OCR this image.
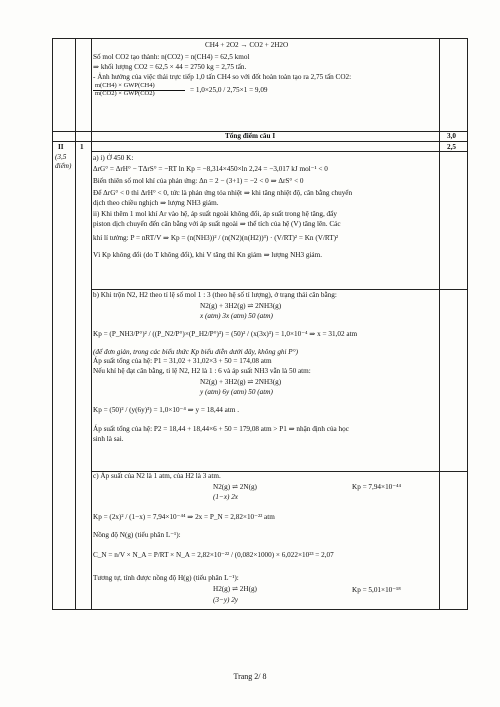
CH4 + 2O2 → CO2 + 2H2O
Số mol CO2 tạo thành: n(CO2) = n(CH4) = 62,5 kmol
⇒ khối lượng CO2 = 62,5 × 44 = 2750 kg = 2,75 tấn.
- Ảnh hưởng của việc thải trực tiếp 1,0 tấn CH4 so với đốt hoàn toàn tạo ra 2,75 tấn CO2:
m(CH4) × GWP(CH4)
m(CO2) × GWP(CO2)	= 1,0×25,0 / 2,75×1 = 9,09
Tổng điểm câu I	3,0
II
(3,5 điểm)
1	2,5
a) i) Ở 450 K:
ΔrG° = ΔrH° − TΔrS° = −RT ln Kp = −8,314×450×ln 2,24 = −3,017 kJ mol⁻¹ < 0
Biến thiên số mol khí của phản ứng: Δn = 2 − (3+1) = −2 < 0 ⇒ ΔrS° < 0
Để ΔrG° < 0 thì ΔrH° < 0, tức là phản ứng tỏa nhiệt ⇒ khi tăng nhiệt độ, cân bằng chuyển
dịch theo chiều nghịch ⇒ lượng NH3 giảm.
ii) Khi thêm 1 mol khí Ar vào hệ, áp suất ngoài không đổi, áp suất trong hệ tăng, đẩy
piston dịch chuyển đến cân bằng với áp suất ngoài ⇒ thể tích của hệ (V) tăng lên. Các
khí lí tưởng: P = nRT/V ⇒ Kp = (n(NH3))² / (n(N2)(n(H2))³) · (V/RT)² = Kn (V/RT)²
Vì Kp không đổi (do T không đổi), khi V tăng thì Kn giảm ⇒ lượng NH3 giảm.
b) Khi trộn N2, H2 theo tỉ lệ số mol 1 : 3 (theo hệ số tỉ lượng), ở trạng thái cân bằng:
N2(g) + 3H2(g) ⇌ 2NH3(g)
x (atm) 3x (atm) 50 (atm)
Kp = (P_NH3/P°)² / ((P_N2/P°)×(P_H2/P°)³) = (50)² / (x(3x)³) = 1,0×10⁻⁴ ⇒ x = 31,02 atm
(để đơn giản, trong các biểu thức Kp biểu diễn dưới đây, không ghi P°)
Áp suất tổng của hệ: P1 = 31,02 + 31,02×3 + 50 = 174,08 atm
Nếu khí hệ đạt cân bằng, tỉ lệ N2, H2 là 1 : 6 và áp suất NH3 vẫn là 50 atm:
N2(g) + 3H2(g) ⇌ 2NH3(g)
y (atm) 6y (atm) 50 (atm)
Kp = (50)² / (y(6y)³) = 1,0×10⁻⁴ ⇒ y = 18,44 atm .
Áp suất tổng của hệ: P2 = 18,44 + 18,44×6 + 50 = 179,08 atm > P1 ⇒ nhận định của học
sinh là sai.
c) Áp suất của N2 là 1 atm, của H2 là 3 atm.
N2(g) ⇌ 2N(g)
(1−x) 2x
Kp = 7,94×10⁻⁴⁴
Kp = (2x)² / (1−x) = 7,94×10⁻⁴⁴ ⇒ 2x = P_N = 2,82×10⁻²² atm
Nồng độ N(g) (tiểu phân L⁻¹):
C_N = n/V × N_A = P/RT × N_A = 2,82×10⁻²² / (0,082×1000) × 6,022×10²³ = 2,07
Tương tự, tính được nồng độ H(g) (tiểu phân L⁻¹):
H2(g) ⇌ 2H(g)
(3−y) 2y
Kp = 5,01×10⁻¹⁸
Trang 2/ 8
